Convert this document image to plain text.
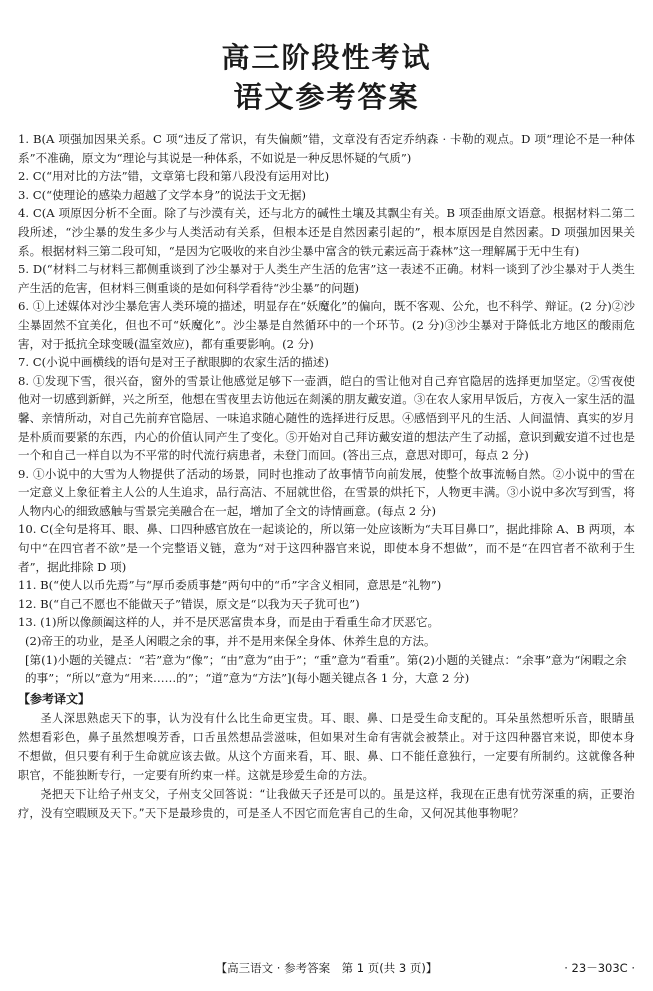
高三阶段性考试
语文参考答案

1. B(A 项强加因果关系。C 项“违反了常识，有失偏颇”错，文章没有否定乔纳森 · 卡勒的观点。D 项“理论不是一种体系”不准确，原文为“理论与其说是一种体系，不如说是一种反思怀疑的气质”)

2. C(“用对比的方法”错，文章第七段和第八段没有运用对比)

3. C(“使理论的感染力超越了文学本身”的说法于文无据)

4. C(A 项原因分析不全面。除了与沙漠有关，还与北方的碱性土壤及其飘尘有关。B 项歪曲原文语意。根据材料二第二段所述，“沙尘暴的发生多少与人类活动有关系，但根本还是自然因素引起的”，根本原因是自然因素。D 项强加因果关系。根据材料三第二段可知，“是因为它吸收的来自沙尘暴中富含的铁元素远高于森林”这一理解属于无中生有)

5. D(“材料二与材料三都侧重谈到了沙尘暴对于人类生产生活的危害”这一表述不正确。材料一谈到了沙尘暴对于人类生产生活的危害，但材料三侧重谈的是如何科学看待“沙尘暴”的问题)

6. ①上述媒体对沙尘暴危害人类环境的描述，明显存在“妖魔化”的偏向，既不客观、公允，也不科学、辩证。(2 分)②沙尘暴固然不宜美化，但也不可“妖魔化”。沙尘暴是自然循环中的一个环节。(2 分)③沙尘暴对于降低北方地区的酸雨危害，对于抵抗全球变暖(温室效应)，都有重要影响。(2 分)

7. C(小说中画横线的语句是对王子猷眼脚的农家生活的描述)

8. ①发现下雪，很兴奋，窗外的雪景让他感觉足够下一壶酒，皑白的雪让他对自己弃官隐居的选择更加坚定。②雪夜使他对一切感到新鲜，兴之所至，他想在雪夜里去访他远在剡溪的朋友戴安道。③在农人家用早饭后，方夜入一家生活的温馨、亲情所动，对自己先前弃官隐居、一味追求随心随性的选择进行反思。④感悟到平凡的生活、人间温情、真实的岁月是朴质而要紧的东西，内心的价值认同产生了变化。⑤开始对自己拜访戴安道的想法产生了动摇，意识到戴安道不过也是一个和自己一样自以为不平常的时代流行病患者，未登门而回。(答出三点，意思对即可，每点 2 分)

9. ①小说中的大雪为人物提供了活动的场景，同时也推动了故事情节向前发展，使整个故事流畅自然。②小说中的雪在一定意义上象征着主人公的人生追求，品行高洁、不屈就世俗，在雪景的烘托下，人物更丰满。③小说中多次写到雪，将人物内心的细致感触与雪景完美融合在一起，增加了全文的诗情画意。(每点 2 分)

10. C(全句是将耳、眼、鼻、口四种感官放在一起谈论的，所以第一处应该断为“夫耳目鼻口”，据此排除 A、B 两项，本句中“在四官者不欲”是一个完整语义链，意为“对于这四种器官来说，即使本身不想做”，而不是“在四官者不欲利于生者”，据此排除 D 项)

11. B(“使人以币先焉”与“厚币委质事楚”两句中的“币”字含义相同，意思是“礼物”)

12. B(“自己不愿也不能做天子”错误，原文是“以我为天子犹可也”)

13. (1)所以像颜阖这样的人，并不是厌恶富贵本身，而是由于看重生命才厌恶它。

(2)帝王的功业，是圣人闲暇之余的事，并不是用来保全身体、休养生息的方法。

[第(1)小题的关键点：“若”意为“像”；“由”意为“由于”；“重”意为“看重”。第(2)小题的关键点：“余事”意为“闲暇之余的事”；“所以”意为“用来……的”；“道”意为“方法”](每小题关键点各 1 分，大意 2 分)

【参考译文】

圣人深思熟虑天下的事，认为没有什么比生命更宝贵。耳、眼、鼻、口是受生命支配的。耳朵虽然想听乐音，眼睛虽然想看彩色，鼻子虽然想嗅芳香，口舌虽然想品尝滋味，但如果对生命有害就会被禁止。对于这四种器官来说，即使本身不想做，但只要有利于生命就应该去做。从这个方面来看，耳、眼、鼻、口不能任意独行，一定要有所制约。这就像各种职官，不能独断专行，一定要有所约束一样。这就是珍爱生命的方法。

尧把天下让给子州支父，子州支父回答说：“让我做天子还是可以的。虽是这样，我现在正患有忧劳深重的病，正要治疗，没有空暇顾及天下。”天下是最珍贵的，可是圣人不因它而危害自己的生命，又何况其他事物呢？

【高三语文 · 参考答案　第 1 页(共 3 页)】	· 23－303C ·
